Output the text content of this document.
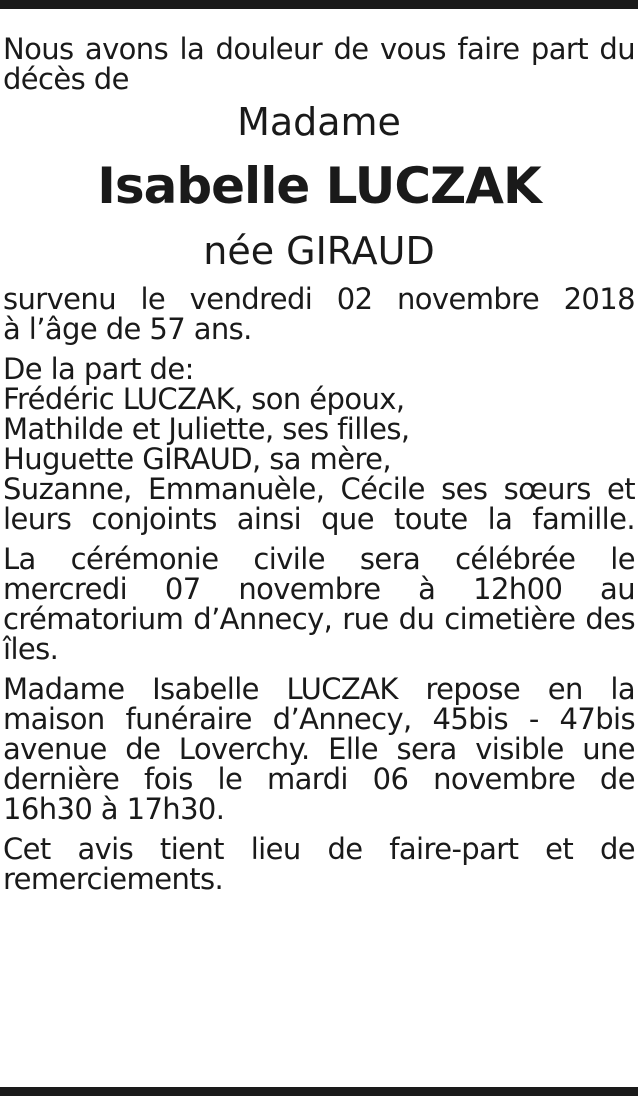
Nous avons la douleur de vous faire part du décès de

Madame

Isabelle LUCZAK

née GIRAUD

survenu le vendredi 02 novembre 2018

à l’âge de 57 ans.

De la part de:

Frédéric LUCZAK, son époux,

Mathilde et Juliette, ses filles,

Huguette GIRAUD, sa mère,

Suzanne, Emmanuèle, Cécile ses sœurs et

leurs conjoints ainsi que toute la famille.

La cérémonie civile sera célébrée le mercredi 07 novembre à 12h00 au crématorium d’Annecy, rue du cimetière des îles.

Madame Isabelle LUCZAK repose en la maison funéraire d’Annecy, 45bis - 47bis avenue de Loverchy. Elle sera visible une dernière fois le mardi 06 novembre de 16h30 à 17h30.

Cet avis tient lieu de faire-part et de remerciements.
